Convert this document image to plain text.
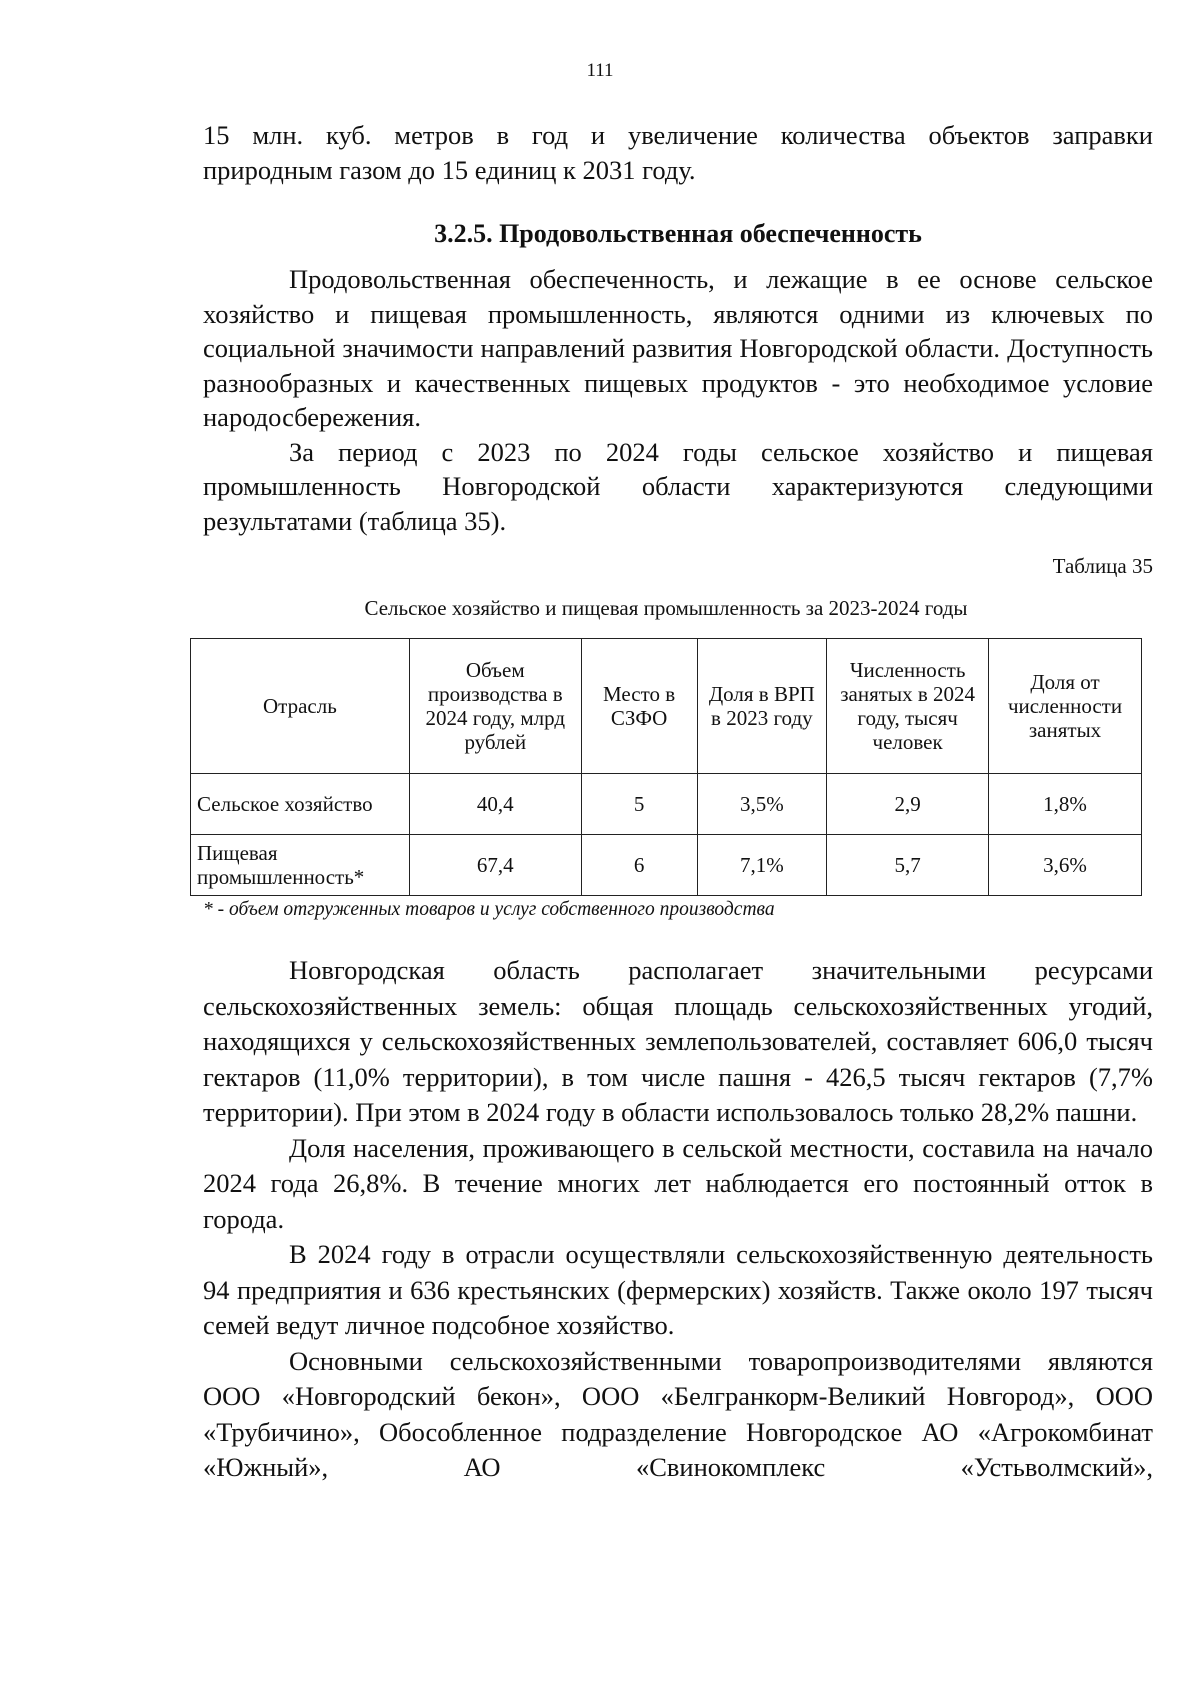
111

15 млн. куб. метров в год и увеличение количества объектов заправки

природным газом до 15 единиц к 2031 году.

3.2.5. Продовольственная обеспеченность

Продовольственная обеспеченность, и лежащие в ее основе сельское хозяйство и пищевая промышленность, являются одними из ключевых по социальной значимости направлений развития Новгородской области. Доступность разнообразных и качественных пищевых продуктов - это необходимое условие народосбережения.

За период с 2023 по 2024 годы сельское хозяйство и пищевая промышленность Новгородской области характеризуются следующими результатами (таблица 35).

Таблица 35

Сельское хозяйство и пищевая промышленность за 2023-2024 годы

Отрасль	Объем производства в 2024 году, млрд рублей	Место в СЗФО	Доля в ВРП в 2023 году	Численность занятых в 2024 году, тысяч человек	Доля от численности занятых
Сельское хозяйство	40,4	5	3,5%	2,9	1,8%
Пищевая промышленность*	67,4	6	7,1%	5,7	3,6%

* - объем отгруженных товаров и услуг собственного производства

Новгородская область располагает значительными ресурсами сельскохозяйственных земель: общая площадь сельскохозяйственных угодий, находящихся у сельскохозяйственных землепользователей, составляет 606,0 тысяч гектаров (11,0% территории), в том числе пашня - 426,5 тысяч гектаров (7,7% территории). При этом в 2024 году в области использовалось только 28,2% пашни.

Доля населения, проживающего в сельской местности, составила на начало 2024 года 26,8%. В течение многих лет наблюдается его постоянный отток в города.

В 2024 году в отрасли осуществляли сельскохозяйственную деятельность 94 предприятия и 636 крестьянских (фермерских) хозяйств. Также около 197 тысяч семей ведут личное подсобное хозяйство.

Основными сельскохозяйственными товаропроизводителями являются ООО «Новгородский бекон», ООО «Белгранкорм-Великий Новгород», ООО «Трубичино», Обособленное подразделение Новгородское АО «Агрокомбинат «Южный», АО «Свинокомплекс «Устьволмский»,
